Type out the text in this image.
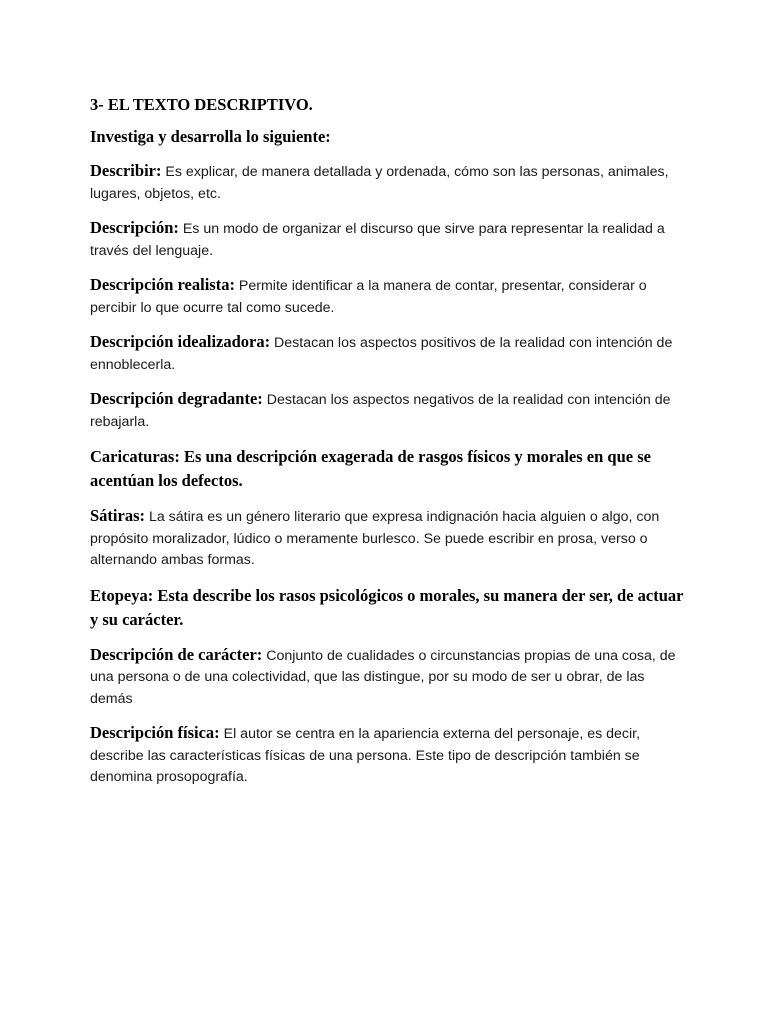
3- EL TEXTO DESCRIPTIVO.

Investiga y desarrolla lo siguiente:

Describir: Es explicar, de manera detallada y ordenada, cómo son las personas, animales, lugares, objetos, etc.

Descripción: Es un modo de organizar el discurso que sirve para representar la realidad a través del lenguaje.

Descripción realista: Permite identificar a la manera de contar, presentar, considerar o percibir lo que ocurre tal como sucede.

Descripción idealizadora: Destacan los aspectos positivos de la realidad con intención de ennoblecerla.

Descripción degradante: Destacan los aspectos negativos de la realidad con intención de rebajarla.

Caricaturas: Es una descripción exagerada de rasgos físicos y morales en que se acentúan los defectos.

Sátiras: La sátira es un género literario que expresa indignación hacia alguien o algo, con propósito moralizador, lúdico o meramente burlesco. Se puede escribir en prosa, verso o alternando ambas formas.

Etopeya: Esta describe los rasos psicológicos o morales, su manera der ser, de actuar y su carácter.

Descripción de carácter: Conjunto de cualidades o circunstancias propias de una cosa, de una persona o de una colectividad, que las distingue, por su modo de ser u obrar, de las demás

Descripción física: El autor se centra en la apariencia externa del personaje, es decir, describe las características físicas de una persona. Este tipo de descripción también se denomina prosopografía.
